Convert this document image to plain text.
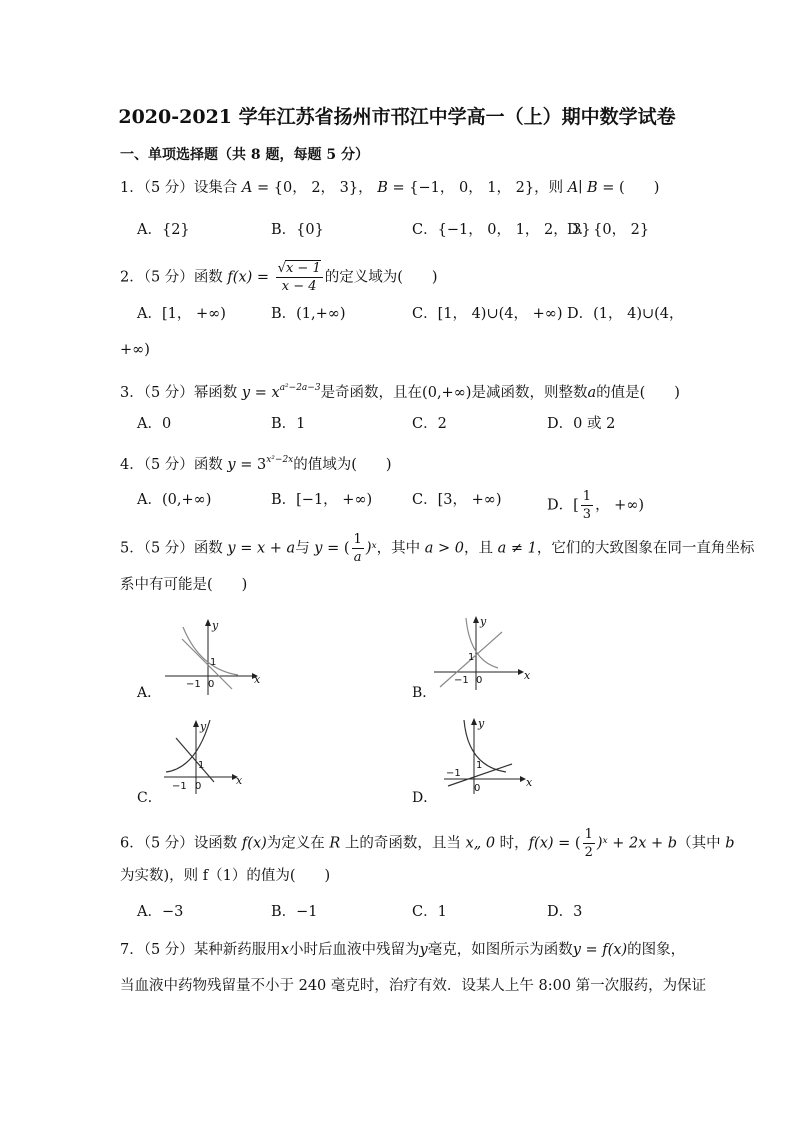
2020-2021 学年江苏省扬州市邗江中学高一（上）期中数学试卷
一、单项选择题（共 8 题，每题 5 分）
1．（5 分）设集合 A = {0， 2， 3}， B = {−1， 0， 1， 2}，则 A∣ B = (　　)
A．{2}	B．{0}	C．{−1， 0， 1， 2， 3}
D．{0， 2}
2．（5 分）函数 $f(x) = \frac{√x - 1}{x - 4}$ 的定义域为(　　)
A．[1， +∞)	B．(1,+∞)	C．[1， 4)∪(4， +∞) D．(1， 4)∪(4，
+∞)
3．（5 分）幂函数 $y = x^{a^2-2a-3}$是奇函数，且在(0,+∞)是减函数，则整数a的值是(　　)
A．0	B．1	C．2	D．0 或 2
4．（5 分）函数 $y = 3^{x^2-2x}$的值域为(　　)
A．(0,+∞)	B．[−1， +∞)	C．[3， +∞)	D．[ $\frac{1}{3}$ ， +∞)
5．（5 分）函数 y = x + a与 y = ( $\frac{1}{a}$ )ˣ，其中 a > 0，且 a ≠ 1，它们的大致图象在同一直角坐标
系中有可能是(　　)
A．	B．
C．	D．
y
x
1
0
−1
y
x
1
0
−1
y
x
1
0
−1
y
x
1
0
−1
6．（5 分）设函数 f(x)为定义在 R 上的奇函数，且当 x„ 0 时，f(x) = ( $\frac{1}{2}$ )ˣ + 2x + b（其中 b
为实数)，则 f（1）的值为(　　)
A．−3	B．−1	C．1	D．3
7．（5 分）某种新药服用x小时后血液中残留为y毫克，如图所示为函数y = f(x)的图象，
当血液中药物残留量不小于 240 毫克时，治疗有效．设某人上午 8:00 第一次服药，为保证
